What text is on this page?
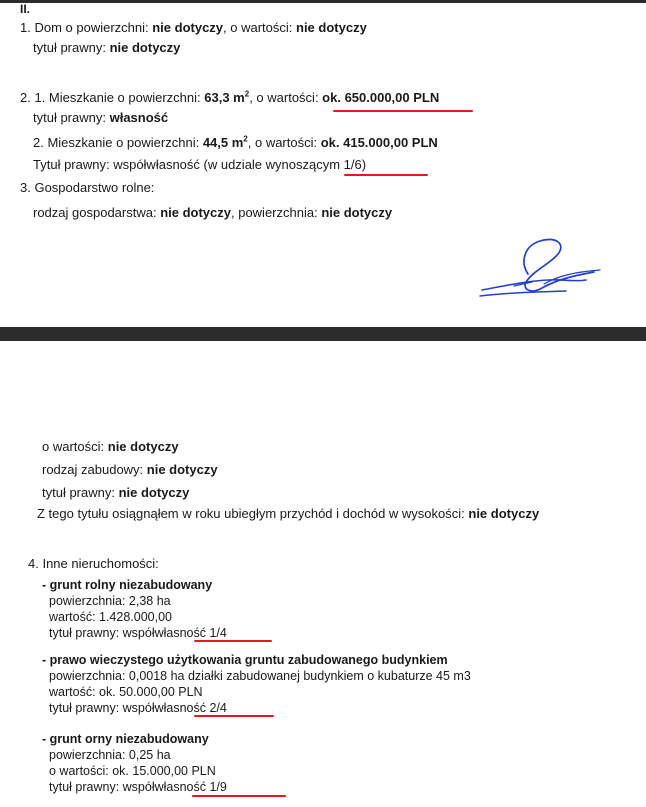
II.
1. Dom o powierzchni: nie dotyczy, o wartości: nie dotyczy
tytuł prawny: nie dotyczy
2. 1. Mieszkanie o powierzchni: 63,3 $m^2$, o wartości: ok. 650.000,00 PLN
tytuł prawny: własność
2. Mieszkanie o powierzchni: 44,5 $m^2$, o wartości: ok. 415.000,00 PLN
Tytuł prawny: współwłasność (w udziale wynoszącym 1/6)
3. Gospodarstwo rolne:
rodzaj gospodarstwa: nie dotyczy, powierzchnia: nie dotyczy
o wartości: nie dotyczy
rodzaj zabudowy: nie dotyczy
tytuł prawny: nie dotyczy
Z tego tytułu osiągnąłem w roku ubiegłym przychód i dochód w wysokości: nie dotyczy
4. Inne nieruchomości:
- grunt rolny niezabudowany
powierzchnia: 2,38 ha
wartość: 1.428.000,00
tytuł prawny: współwłasność 1/4
- prawo wieczystego użytkowania gruntu zabudowanego budynkiem
powierzchnia: 0,0018 ha działki zabudowanej budynkiem o kubaturze 45 m3
wartość: ok. 50.000,00 PLN
tytuł prawny: współwłasność 2/4
- grunt orny niezabudowany
powierzchnia: 0,25 ha
o wartości: ok. 15.000,00 PLN
tytuł prawny: współwłasność 1/9
